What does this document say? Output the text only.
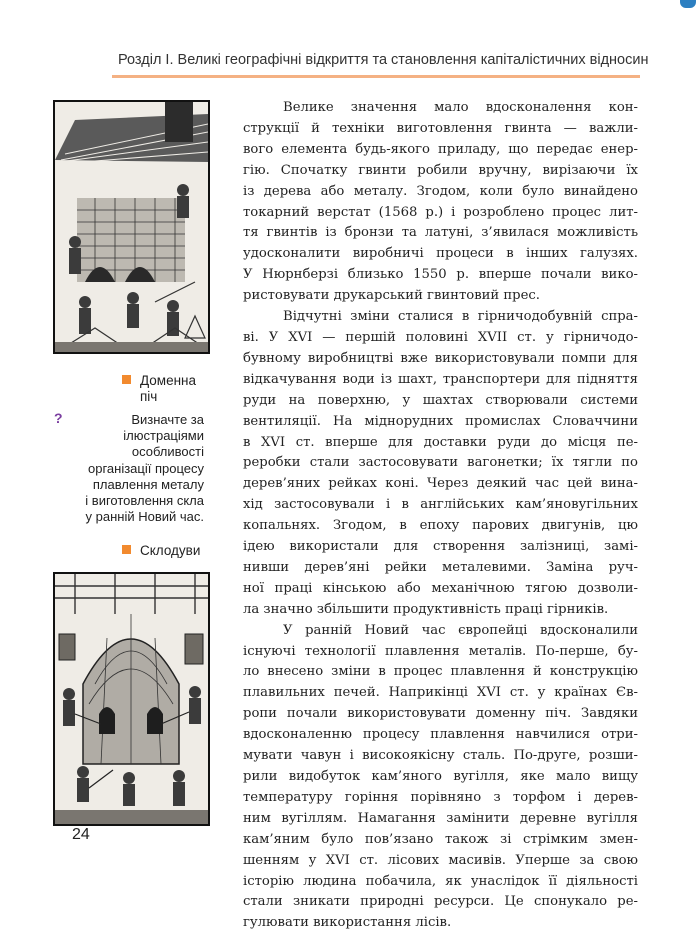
Розділ І. Великі географічні відкриття та становлення капіталістичних відносин
Доменна
піч
?	Визначте за
ілюстраціями
особливості
організації процесу
плавлення металу
і виготовлення скла
у ранній Новий час.
Склодуви
Велике значення мало вдосконалення кон-
струкції й техніки виготовлення гвинта — важли-
вого елемента будь-якого приладу, що передає енер-
гію. Спочатку гвинти робили вручну, вирізаючи їх
із дерева або металу. Згодом, коли було винайдено
токарний верстат (1568 р.) і розроблено процес лит-
тя гвинтів із бронзи та латуні, з’явилася можливість
удосконалити виробничі процеси в інших галузях.
У Нюрнберзі близько 1550 р. вперше почали вико-
ристовувати друкарський гвинтовий прес.
Відчутні зміни сталися в гірничодобувній спра-
ві. У XVI — першій половині XVII ст. у гірничодо-
бувному виробництві вже використовували помпи для
відкачування води із шахт, транспортери для підняття
руди на поверхню, у шахтах створювали системи
вентиляції. На міднорудних промислах Словаччини
в XVI ст. вперше для доставки руди до місця пе-
реробки стали застосовувати вагонетки; їх тягли по
дерев’яних рейках коні. Через деякий час цей вина-
хід застосовували і в англійських кам’яновугільних
копальнях. Згодом, в епоху парових двигунів, цю
ідею використали для створення залізниці, замі-
нивши дерев’яні рейки металевими. Заміна руч-
ної праці кінською або механічною тягою дозволи-
ла значно збільшити продуктивність праці гірників.
У ранній Новий час європейці вдосконалили
існуючі технології плавлення металів. По-перше, бу-
ло внесено зміни в процес плавлення й конструкцію
плавильних печей. Наприкінці XVI ст. у країнах Єв-
ропи почали використовувати доменну піч. Завдяки
вдосконаленню процесу плавлення навчилися отри-
мувати чавун і високоякісну сталь. По-друге, розши-
рили видобуток кам’яного вугілля, яке мало вищу
температуру горіння порівняно з торфом і дерев-
ним вугіллям. Намагання замінити деревне вугілля
кам’яним було пов’язано також зі стрімким змен-
шенням у XVI ст. лісових масивів. Уперше за свою
історію людина побачила, як унаслідок її діяльності
стали зникати природні ресурси. Це спонукало ре-
гулювати використання лісів.
24
